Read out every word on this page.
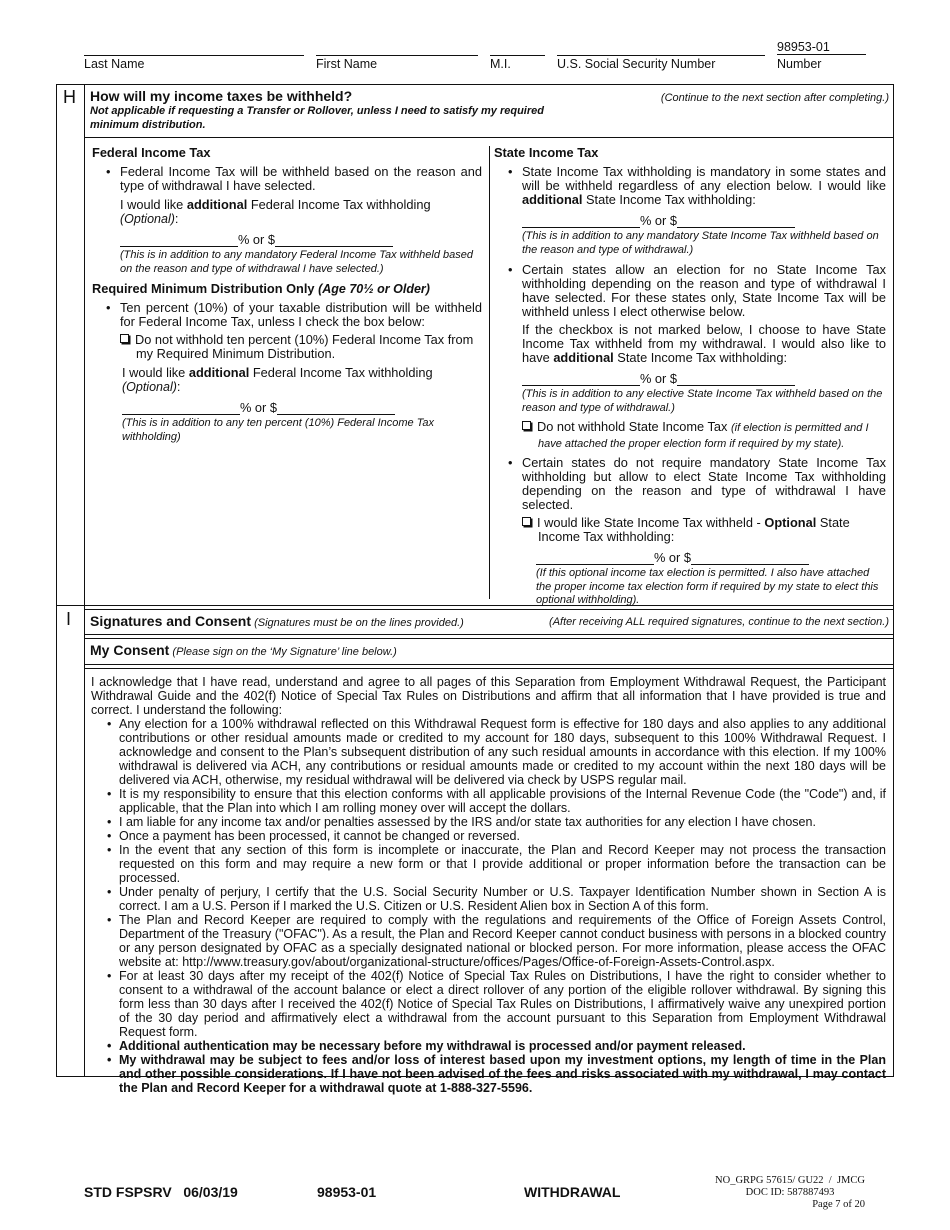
Last Name	First Name	M.I.	U.S. Social Security Number
98953-01
Number
H How will my income taxes be withheld?
Not applicable if requesting a Transfer or Rollover, unless I need to satisfy my required minimum distribution.
(Continue to the next section after completing.)
Federal Income Tax
• Federal Income Tax will be withheld based on the reason and type of withdrawal I have selected.
I would like additional Federal Income Tax withholding (Optional):
% or $
(This is in addition to any mandatory Federal Income Tax withheld based on the reason and type of withdrawal I have selected.)
Required Minimum Distribution Only (Age 70½ or Older)
• Ten percent (10%) of your taxable distribution will be withheld for Federal Income Tax, unless I check the box below:
Do not withhold ten percent (10%) Federal Income Tax from my Required Minimum Distribution.
I would like additional Federal Income Tax withholding (Optional):
% or $
(This is in addition to any ten percent (10%) Federal Income Tax withholding)
State Income Tax
• State Income Tax withholding is mandatory in some states and will be withheld regardless of any election below. I would like additional State Income Tax withholding:
% or $
(This is in addition to any mandatory State Income Tax withheld based on the reason and type of withdrawal.)
• Certain states allow an election for no State Income Tax withholding depending on the reason and type of withdrawal I have selected. For these states only, State Income Tax will be withheld unless I elect otherwise below.
If the checkbox is not marked below, I choose to have State Income Tax withheld from my withdrawal. I would also like to have additional State Income Tax withholding:
% or $
(This is in addition to any elective State Income Tax withheld based on the reason and type of withdrawal.)
Do not withhold State Income Tax (if election is permitted and I have attached the proper election form if required by my state).
• Certain states do not require mandatory State Income Tax withholding but allow to elect State Income Tax withholding depending on the reason and type of withdrawal I have selected.
I would like State Income Tax withheld - Optional State Income Tax withholding:
% or $
(If this optional income tax election is permitted. I also have attached the proper income tax election form if required by my state to elect this optional withholding).
I Signatures and Consent (Signatures must be on the lines provided.)	(After receiving ALL required signatures, continue to the next section.)
My Consent (Please sign on the ‘My Signature’ line below.)
I acknowledge that I have read, understand and agree to all pages of this Separation from Employment Withdrawal Request, the Participant Withdrawal Guide and the 402(f) Notice of Special Tax Rules on Distributions and affirm that all information that I have provided is true and correct. I understand the following:
• Any election for a 100% withdrawal reflected on this Withdrawal Request form is effective for 180 days and also applies to any additional contributions or other residual amounts made or credited to my account for 180 days, subsequent to this 100% Withdrawal Request. I acknowledge and consent to the Plan’s subsequent distribution of any such residual amounts in accordance with this election. If my 100% withdrawal is delivered via ACH, any contributions or residual amounts made or credited to my account within the next 180 days will be delivered via ACH, otherwise, my residual withdrawal will be delivered via check by USPS regular mail.
• It is my responsibility to ensure that this election conforms with all applicable provisions of the Internal Revenue Code (the "Code") and, if applicable, that the Plan into which I am rolling money over will accept the dollars.
• I am liable for any income tax and/or penalties assessed by the IRS and/or state tax authorities for any election I have chosen.
• Once a payment has been processed, it cannot be changed or reversed.
• In the event that any section of this form is incomplete or inaccurate, the Plan and Record Keeper may not process the transaction requested on this form and may require a new form or that I provide additional or proper information before the transaction can be processed.
• Under penalty of perjury, I certify that the U.S. Social Security Number or U.S. Taxpayer Identification Number shown in Section A is correct. I am a U.S. Person if I marked the U.S. Citizen or U.S. Resident Alien box in Section A of this form.
• The Plan and Record Keeper are required to comply with the regulations and requirements of the Office of Foreign Assets Control, Department of the Treasury ("OFAC"). As a result, the Plan and Record Keeper cannot conduct business with persons in a blocked country or any person designated by OFAC as a specially designated national or blocked person. For more information, please access the OFAC website at: http://www.treasury.gov/about/organizational-structure/offices/Pages/Office-of-Foreign-Assets-Control.aspx.
• For at least 30 days after my receipt of the 402(f) Notice of Special Tax Rules on Distributions, I have the right to consider whether to consent to a withdrawal of the account balance or elect a direct rollover of any portion of the eligible rollover withdrawal. By signing this form less than 30 days after I received the 402(f) Notice of Special Tax Rules on Distributions, I affirmatively waive any unexpired portion of the 30 day period and affirmatively elect a withdrawal from the account pursuant to this Separation from Employment Withdrawal Request form.
• Additional authentication may be necessary before my withdrawal is processed and/or payment released.
• My withdrawal may be subject to fees and/or loss of interest based upon my investment options, my length of time in the Plan and other possible considerations. If I have not been advised of the fees and risks associated with my withdrawal, I may contact the Plan and Record Keeper for a withdrawal quote at 1-888-327-5596.
STD FSPSRV   06/03/19	98953-01	WITHDRAWAL
NO_GRPG 57615/ GU22  /  JMCG
DOC ID: 587887493
Page 7 of 20
